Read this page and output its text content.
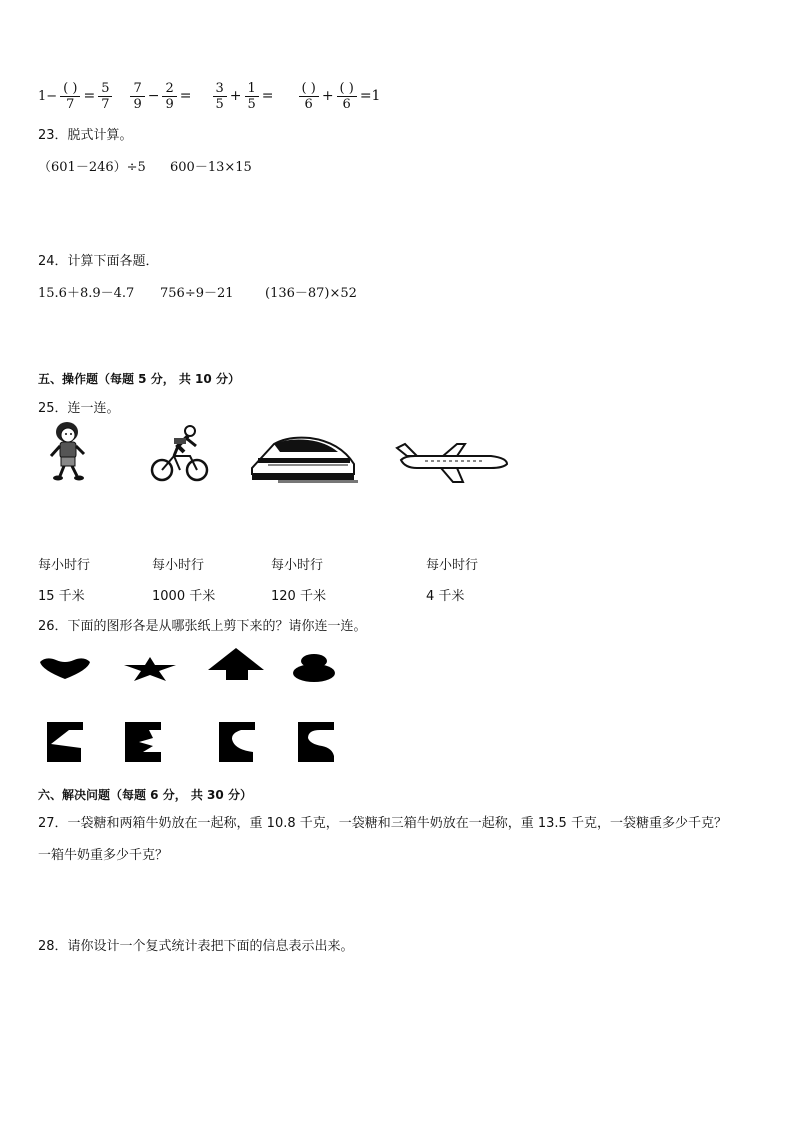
$1- \frac{( )}{7} = \frac{5}{7} \frac{7}{9} - \frac{2}{9} = \frac{3}{5} + \frac{1}{5} = \frac{( )}{6} + \frac{( )}{6} =1$
23．脱式计算。
（601－246）÷5 600－13×15
24．计算下面各题．
15.6＋8.9－4.7 756÷9－21 (136－87)×52
五、操作题（每题 5 分， 共 10 分）
25．连一连。
每小时行	每小时行	每小时行	每小时行
15 千米	1000 千米	120 千米	4 千米
26．下面的图形各是从哪张纸上剪下来的？请你连一连。
六、解决问题（每题 6 分， 共 30 分）
27．一袋糖和两箱牛奶放在一起称，重 10.8 千克，一袋糖和三箱牛奶放在一起称，重 13.5 千克，一袋糖重多少千克？
一箱牛奶重多少千克？
28．请你设计一个复式统计表把下面的信息表示出来。
